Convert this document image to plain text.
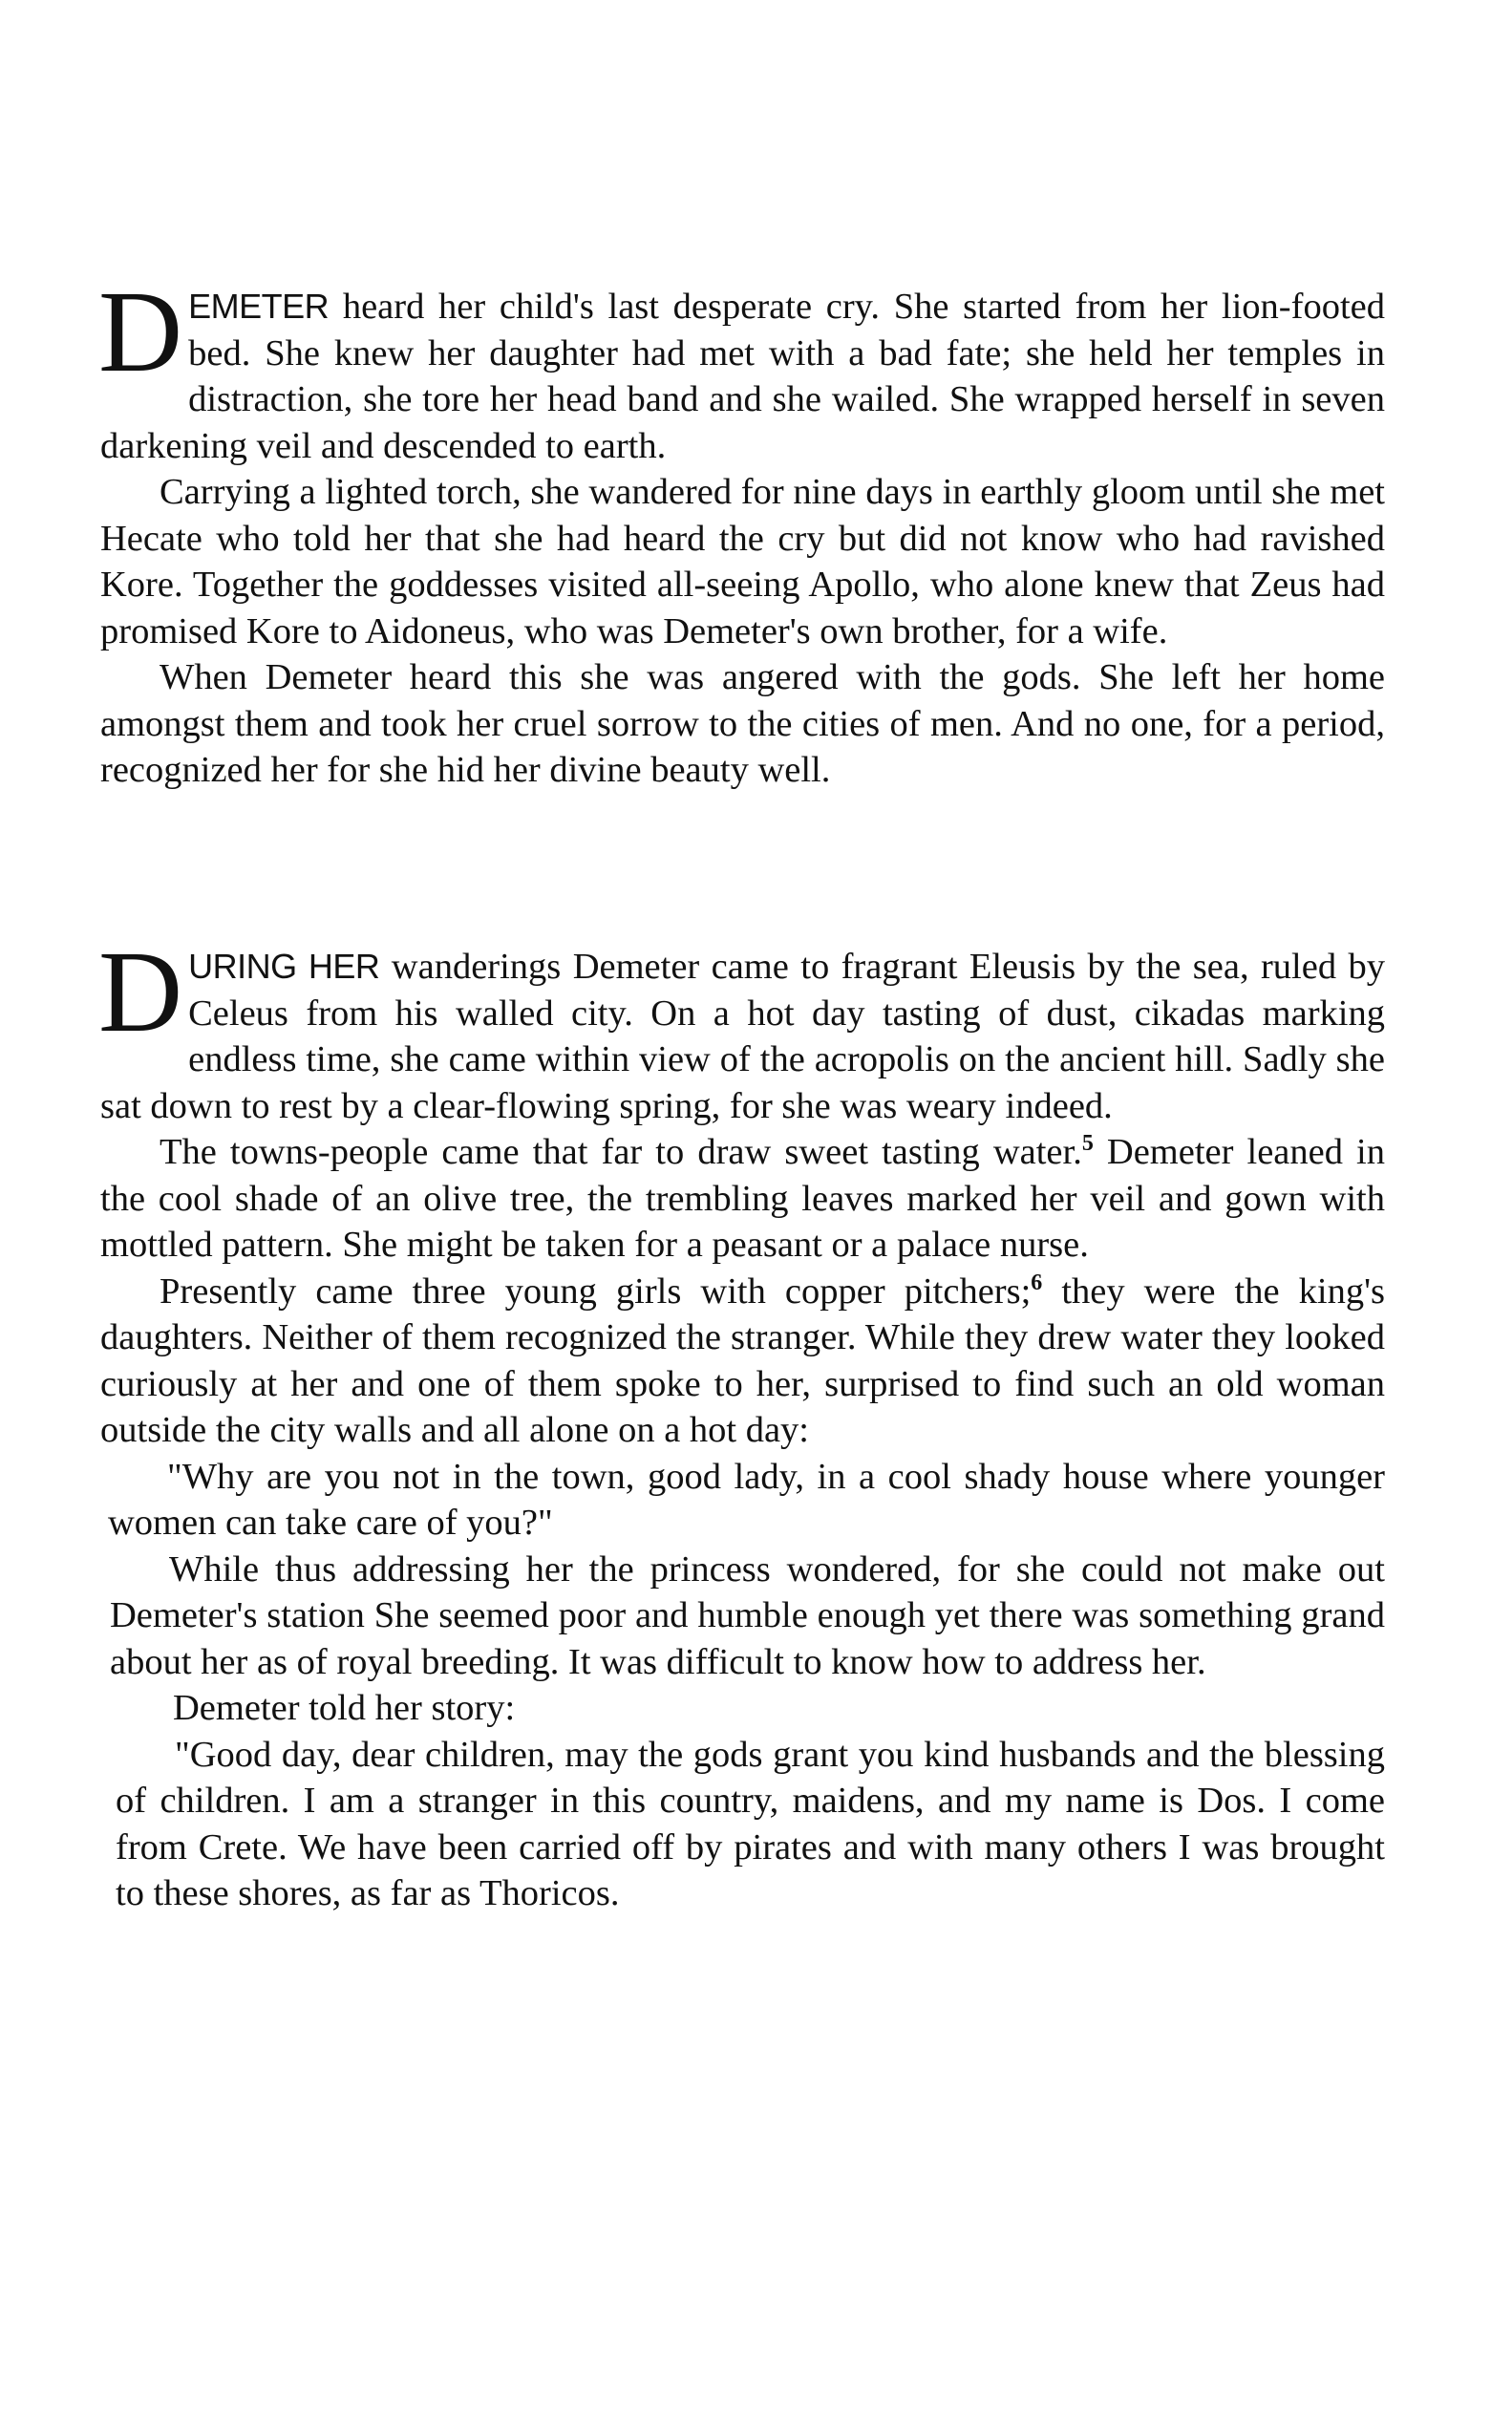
DEMETER heard her child's last desperate cry. She started from her lion-footed bed. She knew her daughter had met with a bad fate; she held her temples in distraction, she tore her head band and she wailed. She wrapped herself in seven darkening veil and descended to earth.

Carrying a lighted torch, she wandered for nine days in earthly gloom until she met Hecate who told her that she had heard the cry but did not know who had ravished Kore. Together the goddesses visited all-seeing Apollo, who alone knew that Zeus had promised Kore to Aidoneus, who was Demeter's own brother, for a wife.

When Demeter heard this she was angered with the gods. She left her home amongst them and took her cruel sorrow to the cities of men. And no one, for a period, recognized her for she hid her divine beauty well.

DURING HER wanderings Demeter came to fragrant Eleusis by the sea, ruled by Celeus from his walled city. On a hot day tasting of dust, cikadas marking endless time, she came within view of the acropolis on the ancient hill. Sadly she sat down to rest by a clear-flowing spring, for she was weary indeed.

The towns-people came that far to draw sweet tasting water.$^5$ Demeter leaned in the cool shade of an olive tree, the trembling leaves marked her veil and gown with mottled pattern. She might be taken for a peasant or a palace nurse.

Presently came three young girls with copper pitchers;$^6$ they were the king's daughters. Neither of them recognized the stranger. While they drew water they looked curiously at her and one of them spoke to her, surprised to find such an old woman outside the city walls and all alone on a hot day:

"Why are you not in the town, good lady, in a cool shady house where younger women can take care of you?"

While thus addressing her the princess wondered, for she could not make out Demeter's station She seemed poor and humble enough yet there was something grand about her as of royal breeding. It was difficult to know how to address her.

Demeter told her story:

"Good day, dear children, may the gods grant you kind husbands and the blessing of children. I am a stranger in this country, maidens, and my name is Dos. I come from Crete. We have been carried off by pirates and with many others I was brought to these shores, as far as Thoricos.
